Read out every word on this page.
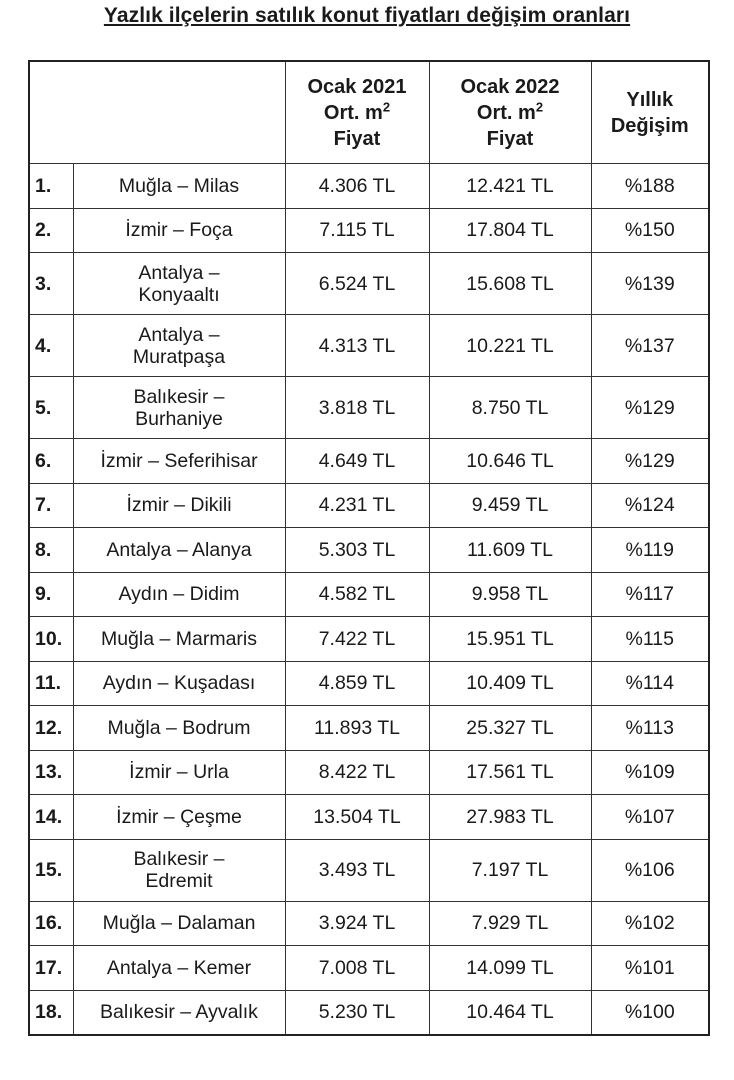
Yazlık ilçelerin satılık konut fiyatları değişim oranları
		Ocak 2021
Ort. $m^2$
Fiyat	Ocak 2022
Ort. $m^2$
Fiyat	Yıllık
Değişim
1.	Muğla – Milas	4.306 TL	12.421 TL	%188
2.	İzmir – Foça	7.115 TL	17.804 TL	%150
3.	Antalya –
Konyaaltı	6.524 TL	15.608 TL	%139
4.	Antalya –
Muratpaşa	4.313 TL	10.221 TL	%137
5.	Balıkesir –
Burhaniye	3.818 TL	8.750 TL	%129
6.	İzmir – Seferihisar	4.649 TL	10.646 TL	%129
7.	İzmir – Dikili	4.231 TL	9.459 TL	%124
8.	Antalya – Alanya	5.303 TL	11.609 TL	%119
9.	Aydın – Didim	4.582 TL	9.958 TL	%117
10.	Muğla – Marmaris	7.422 TL	15.951 TL	%115
11.	Aydın – Kuşadası	4.859 TL	10.409 TL	%114
12.	Muğla – Bodrum	11.893 TL	25.327 TL	%113
13.	İzmir – Urla	8.422 TL	17.561 TL	%109
14.	İzmir – Çeşme	13.504 TL	27.983 TL	%107
15.	Balıkesir –
Edremit	3.493 TL	7.197 TL	%106
16.	Muğla – Dalaman	3.924 TL	7.929 TL	%102
17.	Antalya – Kemer	7.008 TL	14.099 TL	%101
18.	Balıkesir – Ayvalık	5.230 TL	10.464 TL	%100
